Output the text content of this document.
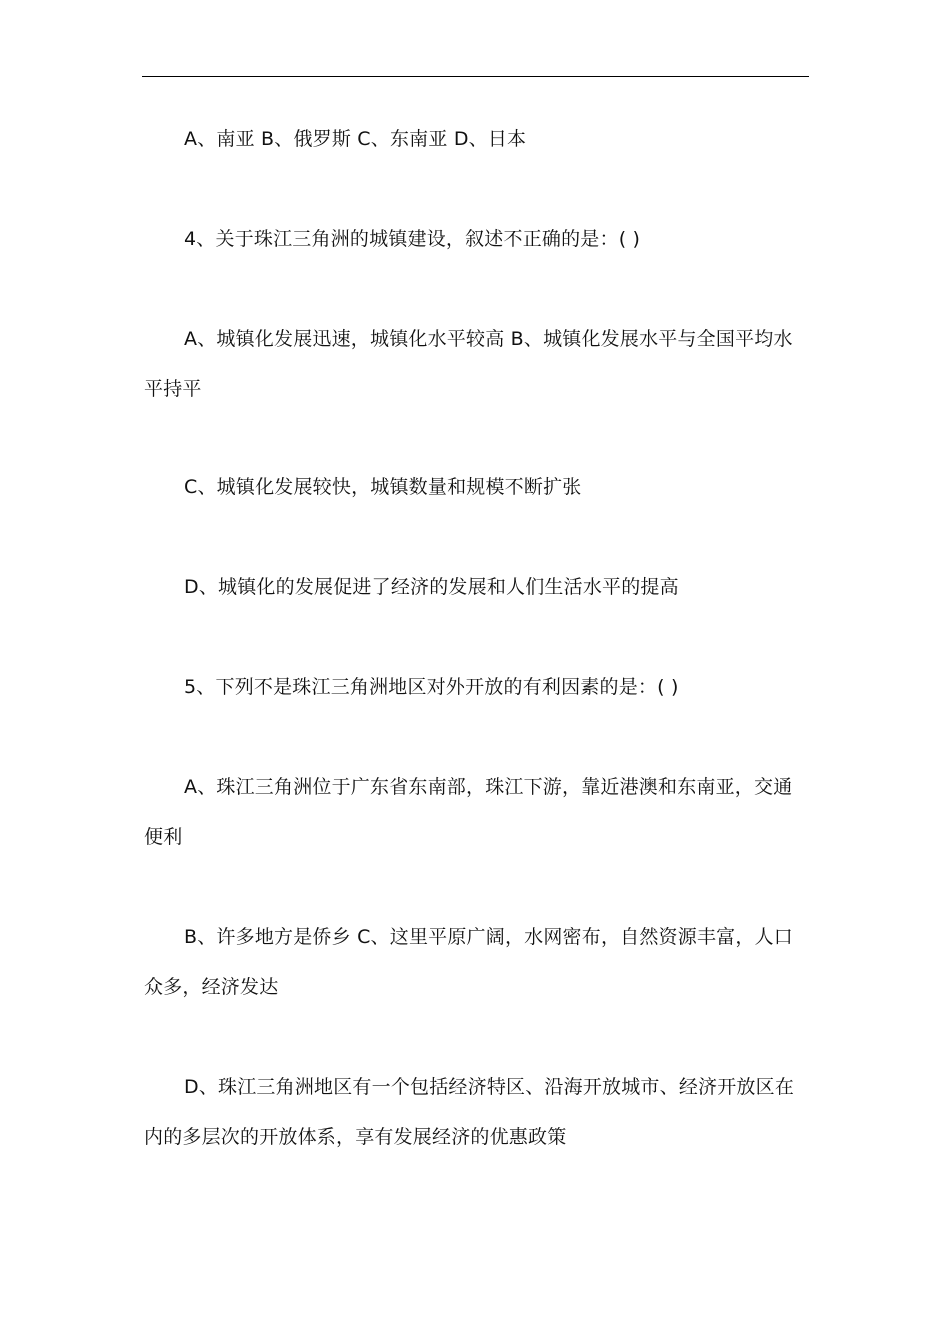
A、南亚 B、俄罗斯 C、东南亚 D、日本

4、关于珠江三角洲的城镇建设，叙述不正确的是：( )

A、城镇化发展迅速，城镇化水平较高 B、城镇化发展水平与全国平均水平持平

C、城镇化发展较快，城镇数量和规模不断扩张

D、城镇化的发展促进了经济的发展和人们生活水平的提高

5、下列不是珠江三角洲地区对外开放的有利因素的是：( )

A、珠江三角洲位于广东省东南部，珠江下游，靠近港澳和东南亚，交通便利

B、许多地方是侨乡 C、这里平原广阔，水网密布，自然资源丰富，人口众多，经济发达

D、珠江三角洲地区有一个包括经济特区、沿海开放城市、经济开放区在内的多层次的开放体系，享有发展经济的优惠政策
